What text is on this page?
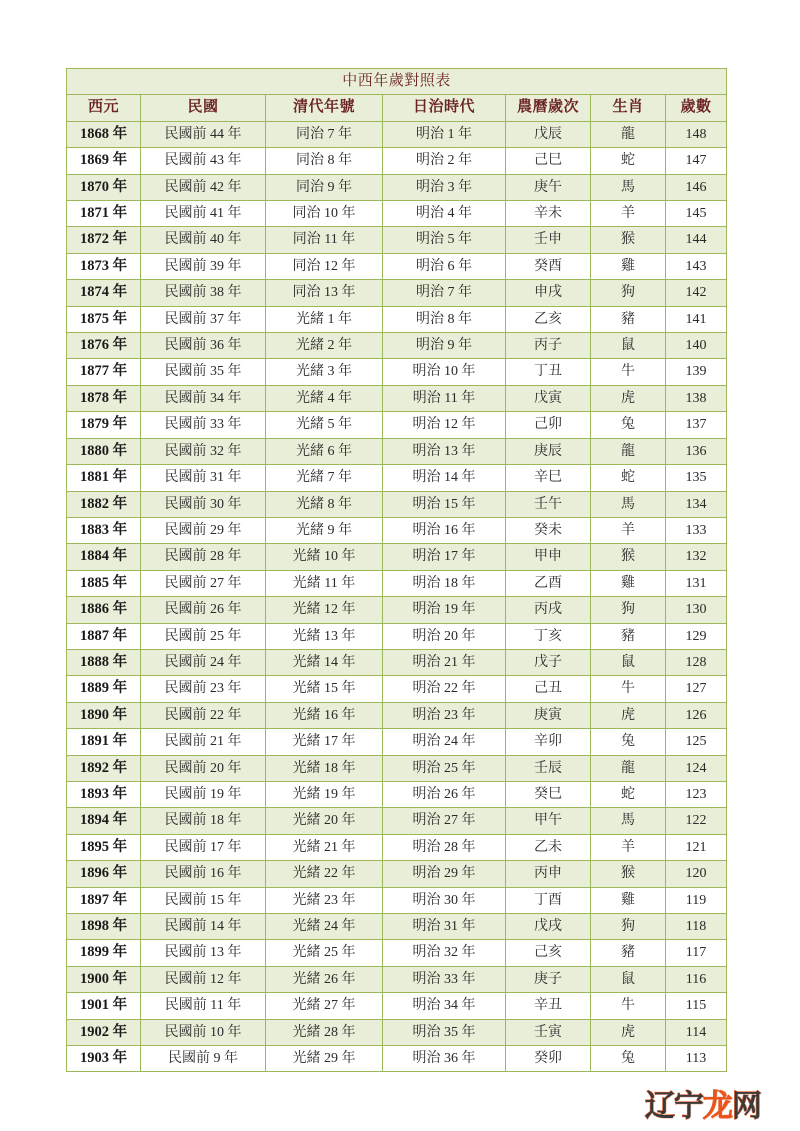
中西年歲對照表						
西元	民國	清代年號	日治時代	農曆歲次	生肖	歲數
1868 年	民國前 44 年	同治 7 年	明治 1 年	戊辰	龍	148
1869 年	民國前 43 年	同治 8 年	明治 2 年	己巳	蛇	147
1870 年	民國前 42 年	同治 9 年	明治 3 年	庚午	馬	146
1871 年	民國前 41 年	同治 10 年	明治 4 年	辛未	羊	145
1872 年	民國前 40 年	同治 11 年	明治 5 年	壬申	猴	144
1873 年	民國前 39 年	同治 12 年	明治 6 年	癸酉	雞	143
1874 年	民國前 38 年	同治 13 年	明治 7 年	申戌	狗	142
1875 年	民國前 37 年	光緒 1 年	明治 8 年	乙亥	豬	141
1876 年	民國前 36 年	光緒 2 年	明治 9 年	丙子	鼠	140
1877 年	民國前 35 年	光緒 3 年	明治 10 年	丁丑	牛	139
1878 年	民國前 34 年	光緒 4 年	明治 11 年	戊寅	虎	138
1879 年	民國前 33 年	光緒 5 年	明治 12 年	己卯	兔	137
1880 年	民國前 32 年	光緒 6 年	明治 13 年	庚辰	龍	136
1881 年	民國前 31 年	光緒 7 年	明治 14 年	辛巳	蛇	135
1882 年	民國前 30 年	光緒 8 年	明治 15 年	壬午	馬	134
1883 年	民國前 29 年	光緒 9 年	明治 16 年	癸未	羊	133
1884 年	民國前 28 年	光緒 10 年	明治 17 年	甲申	猴	132
1885 年	民國前 27 年	光緒 11 年	明治 18 年	乙酉	雞	131
1886 年	民國前 26 年	光緒 12 年	明治 19 年	丙戌	狗	130
1887 年	民國前 25 年	光緒 13 年	明治 20 年	丁亥	豬	129
1888 年	民國前 24 年	光緒 14 年	明治 21 年	戊子	鼠	128
1889 年	民國前 23 年	光緒 15 年	明治 22 年	己丑	牛	127
1890 年	民國前 22 年	光緒 16 年	明治 23 年	庚寅	虎	126
1891 年	民國前 21 年	光緒 17 年	明治 24 年	辛卯	兔	125
1892 年	民國前 20 年	光緒 18 年	明治 25 年	壬辰	龍	124
1893 年	民國前 19 年	光緒 19 年	明治 26 年	癸巳	蛇	123
1894 年	民國前 18 年	光緒 20 年	明治 27 年	甲午	馬	122
1895 年	民國前 17 年	光緒 21 年	明治 28 年	乙未	羊	121
1896 年	民國前 16 年	光緒 22 年	明治 29 年	丙申	猴	120
1897 年	民國前 15 年	光緒 23 年	明治 30 年	丁酉	雞	119
1898 年	民國前 14 年	光緒 24 年	明治 31 年	戊戌	狗	118
1899 年	民國前 13 年	光緒 25 年	明治 32 年	己亥	豬	117
1900 年	民國前 12 年	光緒 26 年	明治 33 年	庚子	鼠	116
1901 年	民國前 11 年	光緒 27 年	明治 34 年	辛丑	牛	115
1902 年	民國前 10 年	光緒 28 年	明治 35 年	壬寅	虎	114
1903 年	民國前 9 年	光緒 29 年	明治 36 年	癸卯	兔	113
辽宁龙网
